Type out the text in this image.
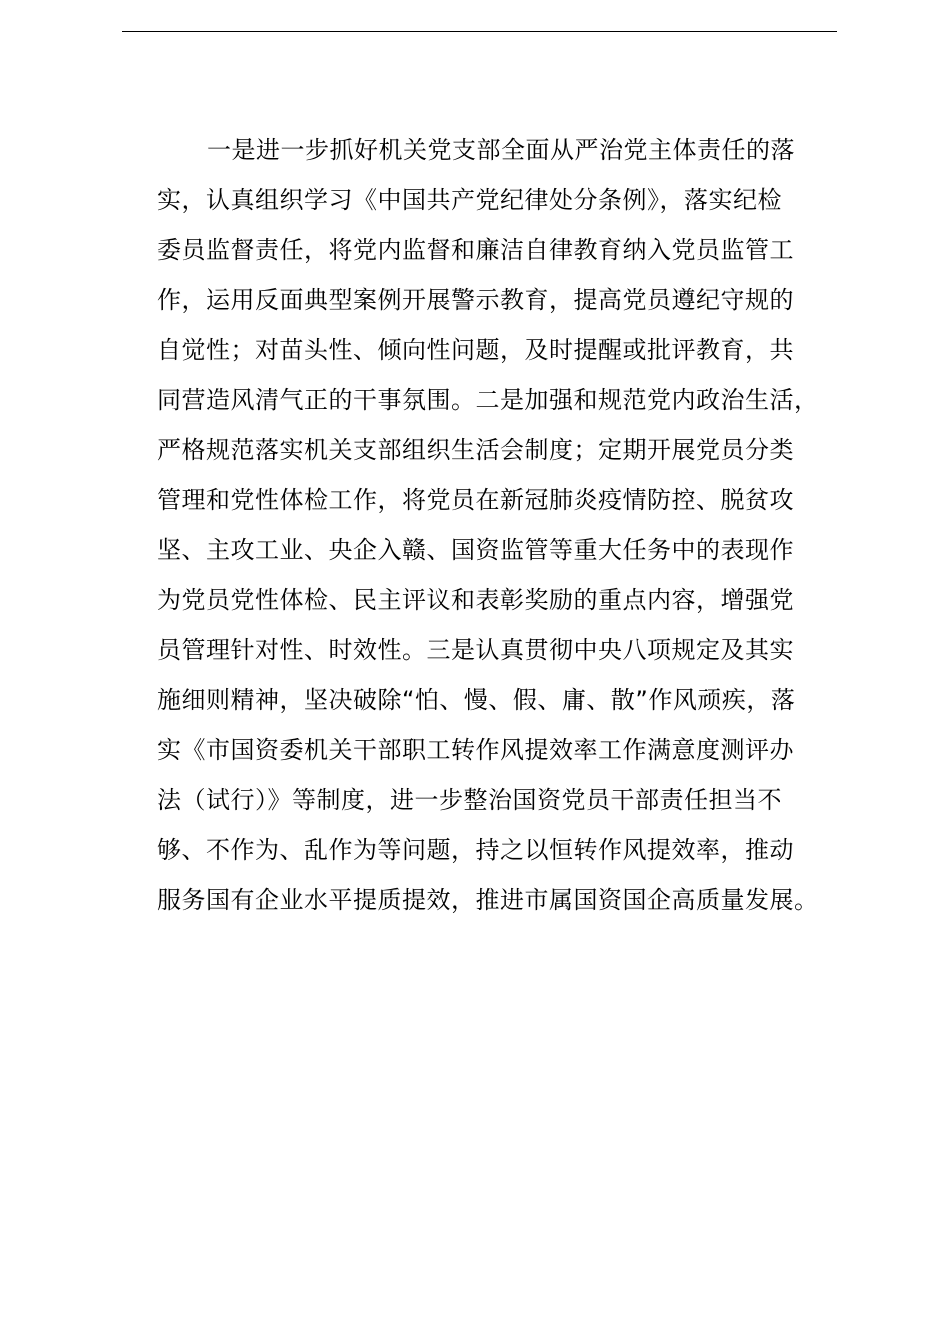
一是进一步抓好机关党支部全面从严治党主体责任的落
实，认真组织学习《中国共产党纪律处分条例》，落实纪检
委员监督责任，将党内监督和廉洁自律教育纳入党员监管工
作，运用反面典型案例开展警示教育，提高党员遵纪守规的
自觉性；对苗头性、倾向性问题，及时提醒或批评教育，共
同营造风清气正的干事氛围。二是加强和规范党内政治生活，
严格规范落实机关支部组织生活会制度；定期开展党员分类
管理和党性体检工作，将党员在新冠肺炎疫情防控、脱贫攻
坚、主攻工业、央企入赣、国资监管等重大任务中的表现作
为党员党性体检、民主评议和表彰奖励的重点内容，增强党
员管理针对性、时效性。三是认真贯彻中央八项规定及其实
施细则精神，坚决破除“怕、慢、假、庸、散”作风顽疾，落
实《市国资委机关干部职工转作风提效率工作满意度测评办
法（试行）》等制度，进一步整治国资党员干部责任担当不
够、不作为、乱作为等问题，持之以恒转作风提效率，推动
服务国有企业水平提质提效，推进市属国资国企高质量发展。
